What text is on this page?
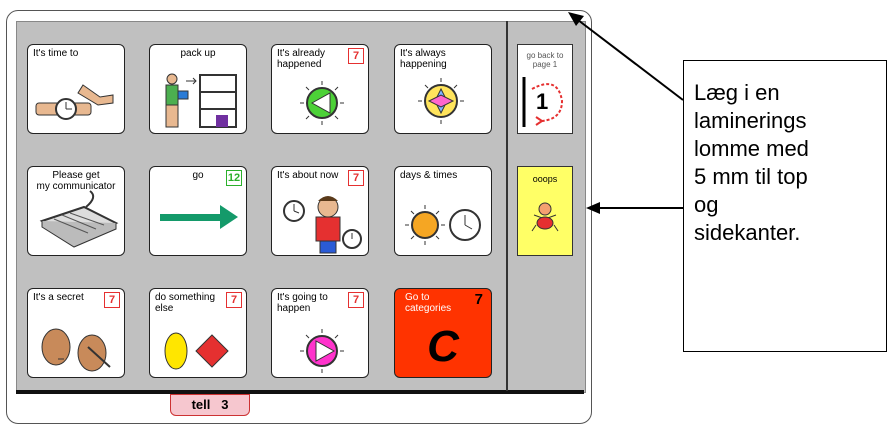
It's time to	pack up	It's already
happened
7	It's always
happening
Please get
my communicator
go	12	It's about now	7	days & times
It's a secret	7	do something
else
7	It's going to
happen
7	Go to
categories
7
C
go back to
page 1
1
ooops
tell 3
Læg i en
laminerings
lomme med
5 mm til top
og
sidekanter.
